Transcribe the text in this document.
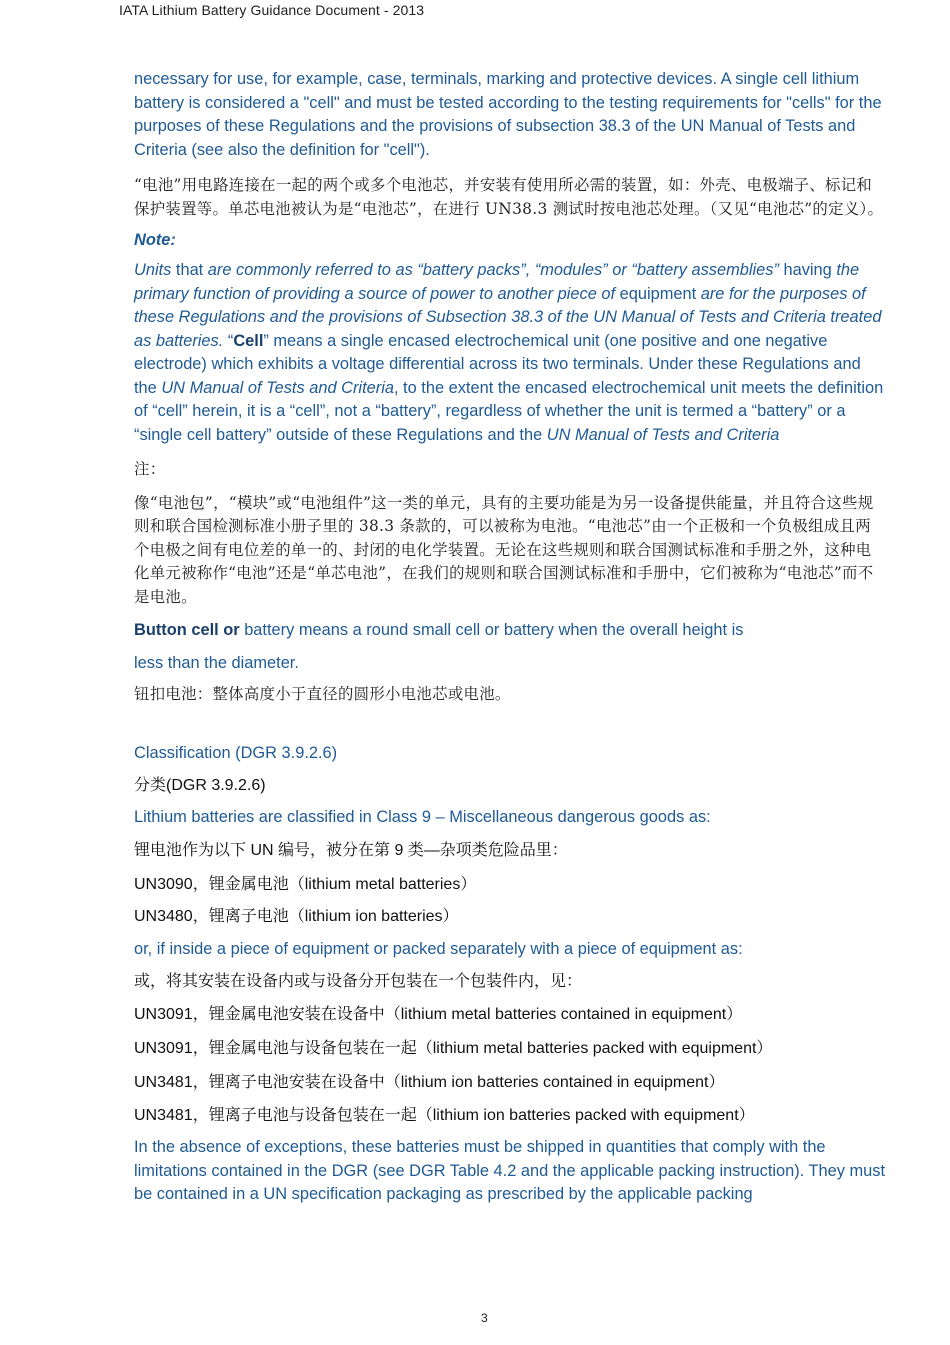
IATA Lithium Battery Guidance Document - 2013

necessary for use, for example, case, terminals, marking and protective devices. A single cell lithium battery is considered a "cell" and must be tested according to the testing requirements for "cells" for the purposes of these Regulations and the provisions of subsection 38.3 of the UN Manual of Tests and Criteria (see also the definition for "cell").

“电池”用电路连接在一起的两个或多个电池芯，并安装有使用所必需的装置，如：外壳、电极端子、标记和保护装置等。单芯电池被认为是“电池芯”，在进行 UN38.3 测试时按电池芯处理。（又见“电池芯”的定义）。

Note:

Units that are commonly referred to as “battery packs”, “modules” or “battery assemblies” having the primary function of providing a source of power to another piece of equipment are for the purposes of these Regulations and the provisions of Subsection 38.3 of the UN Manual of Tests and Criteria treated as batteries. “Cell” means a single encased electrochemical unit (one positive and one negative electrode) which exhibits a voltage differential across its two terminals. Under these Regulations and the UN Manual of Tests and Criteria, to the extent the encased electrochemical unit meets the definition of “cell” herein, it is a “cell”, not a “battery”, regardless of whether the unit is termed a “battery” or a “single cell battery” outside of these Regulations and the UN Manual of Tests and Criteria

注：

像“电池包”，“模块”或“电池组件”这一类的单元，具有的主要功能是为另一设备提供能量，并且符合这些规则和联合国检测标准小册子里的 38.3 条款的，可以被称为电池。“电池芯”由一个正极和一个负极组成且两个电极之间有电位差的单一的、封闭的电化学装置。无论在这些规则和联合国测试标准和手册之外，这种电化单元被称作“电池”还是“单芯电池”，在我们的规则和联合国测试标准和手册中，它们被称为“电池芯”而不是电池。

Button cell or battery means a round small cell or battery when the overall height is

less than the diameter.

钮扣电池：整体高度小于直径的圆形小电池芯或电池。

Classification (DGR 3.9.2.6)

分类(DGR 3.9.2.6)

Lithium batteries are classified in Class 9 – Miscellaneous dangerous goods as:

锂电池作为以下 UN 编号，被分在第 9 类—杂项类危险品里：

UN3090，锂金属电池（lithium metal batteries）

UN3480，锂离子电池（lithium ion batteries）

or, if inside a piece of equipment or packed separately with a piece of equipment as:

或，将其安装在设备内或与设备分开包装在一个包装件内，见：

UN3091，锂金属电池安装在设备中（lithium metal batteries contained in equipment）

UN3091，锂金属电池与设备包装在一起（lithium metal batteries packed with equipment）

UN3481，锂离子电池安装在设备中（lithium ion batteries contained in equipment）

UN3481，锂离子电池与设备包装在一起（lithium ion batteries packed with equipment）

In the absence of exceptions, these batteries must be shipped in quantities that comply with the limitations contained in the DGR (see DGR Table 4.2 and the applicable packing instruction). They must be contained in a UN specification packaging as prescribed by the applicable packing

3
